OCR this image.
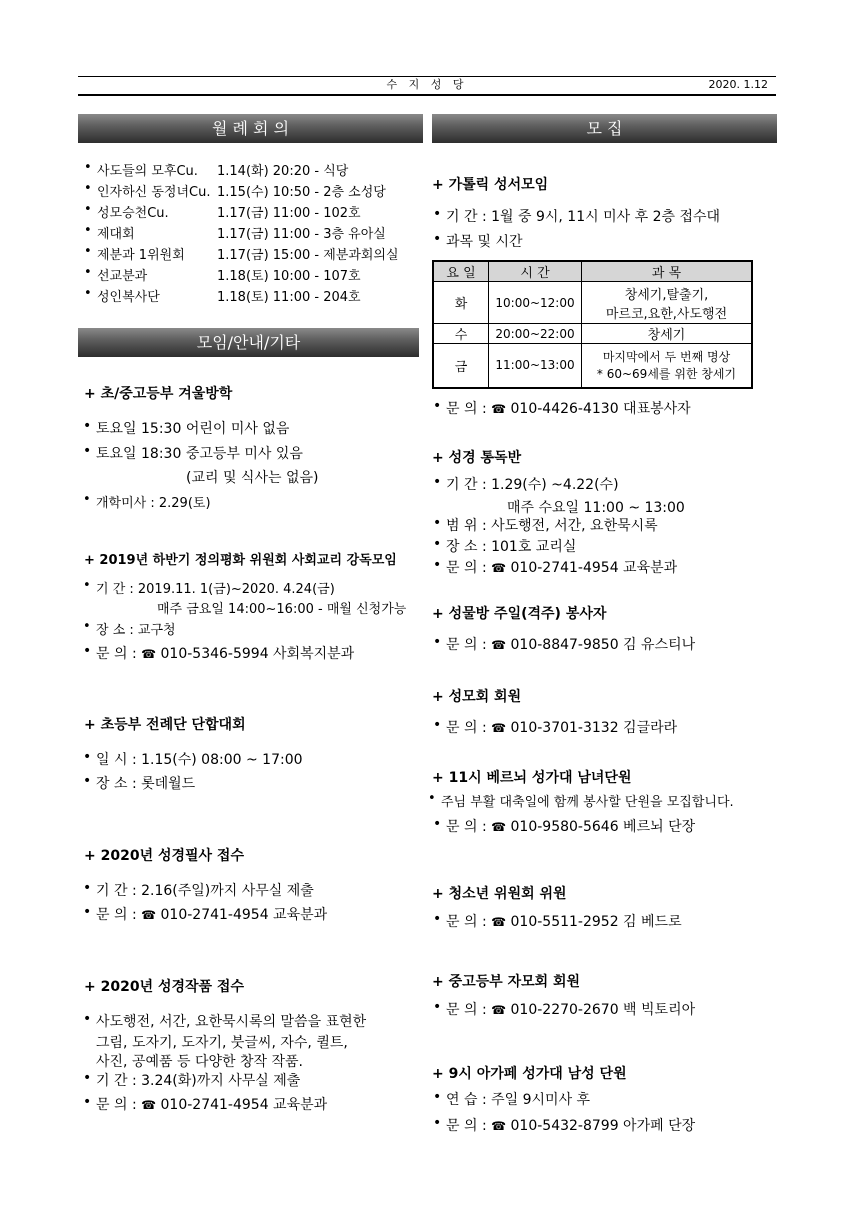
수 지 성 당	2020. 1.12
월 례 회 의
• 사도들의 모후Cu. 1.14(화) 20:20 - 식당
• 인자하신 동정녀Cu. 1.15(수) 10:50 - 2층 소성당
• 성모승천Cu.	1.17(금) 11:00 - 102호
• 제대회	1.17(금) 11:00 - 3층 유아실
• 제분과 1위원회 1.17(금) 15:00 - 제분과회의실
• 선교분과	1.18(토) 10:00 - 107호
• 성인복사단	1.18(토) 11:00 - 204호
모임/안내/기타
+ 초/중고등부 겨울방학
• 토요일 15:30 어린이 미사 없음
• 토요일 18:30 중고등부 미사 있음
(교리 및 식사는 없음)
• 개학미사 : 2.29(토)
+ 2019년 하반기 정의평화 위원회 사회교리 강독모임
• 기 간 : 2019.11. 1(금)~2020. 4.24(금)
매주 금요일 14:00~16:00 - 매월 신청가능
• 장 소 : 교구청
• 문 의 : ☎ 010-5346-5994 사회복지분과
+ 초등부 전례단 단합대회
• 일 시 : 1.15(수) 08:00 ~ 17:00
• 장 소 : 롯데월드
+ 2020년 성경필사 접수
• 기 간 : 2.16(주일)까지 사무실 제출
• 문 의 : ☎ 010-2741-4954 교육분과
+ 2020년 성경작품 접수
• 사도행전, 서간, 요한묵시록의 말씀을 표현한
그림, 도자기, 도자기, 붓글씨, 자수, 퀼트,
사진, 공예품 등 다양한 창작 작품.
• 기 간 : 3.24(화)까지 사무실 제출
• 문 의 : ☎ 010-2741-4954 교육분과
모 집
+ 가톨릭 성서모임
• 기 간 : 1월 중 9시, 11시 미사 후 2층 접수대
• 과목 및 시간
요 일	시 간	과 목
화	10:00~12:00	창세기,탈출기,
마르코,요한,사도행전

수	20:00~22:00	창세기

금	11:00~13:00	마지막에서 두 번째 명상
* 60~69세를 위한 창세기
• 문 의 : ☎ 010-4426-4130 대표봉사자
+ 성경 통독반
• 기 간 : 1.29(수) ~4.22(수)
매주 수요일 11:00 ~ 13:00
• 범 위 : 사도행전, 서간, 요한묵시록
• 장 소 : 101호 교리실
• 문 의 : ☎ 010-2741-4954 교육분과
+ 성물방 주일(격주) 봉사자
• 문 의 : ☎ 010-8847-9850 김 유스티나
+ 성모회 회원
• 문 의 : ☎ 010-3701-3132 김글라라
+ 11시 베르뇌 성가대 남녀단원
• 주님 부활 대축일에 함께 봉사할 단원을 모집합니다.
• 문 의 : ☎ 010-9580-5646 베르뇌 단장
+ 청소년 위원회 위원
• 문 의 : ☎ 010-5511-2952 김 베드로
+ 중고등부 자모회 회원
• 문 의 : ☎ 010-2270-2670 백 빅토리아
+ 9시 아가페 성가대 남성 단원
• 연 습 : 주일 9시미사 후
• 문 의 : ☎ 010-5432-8799 아가페 단장
